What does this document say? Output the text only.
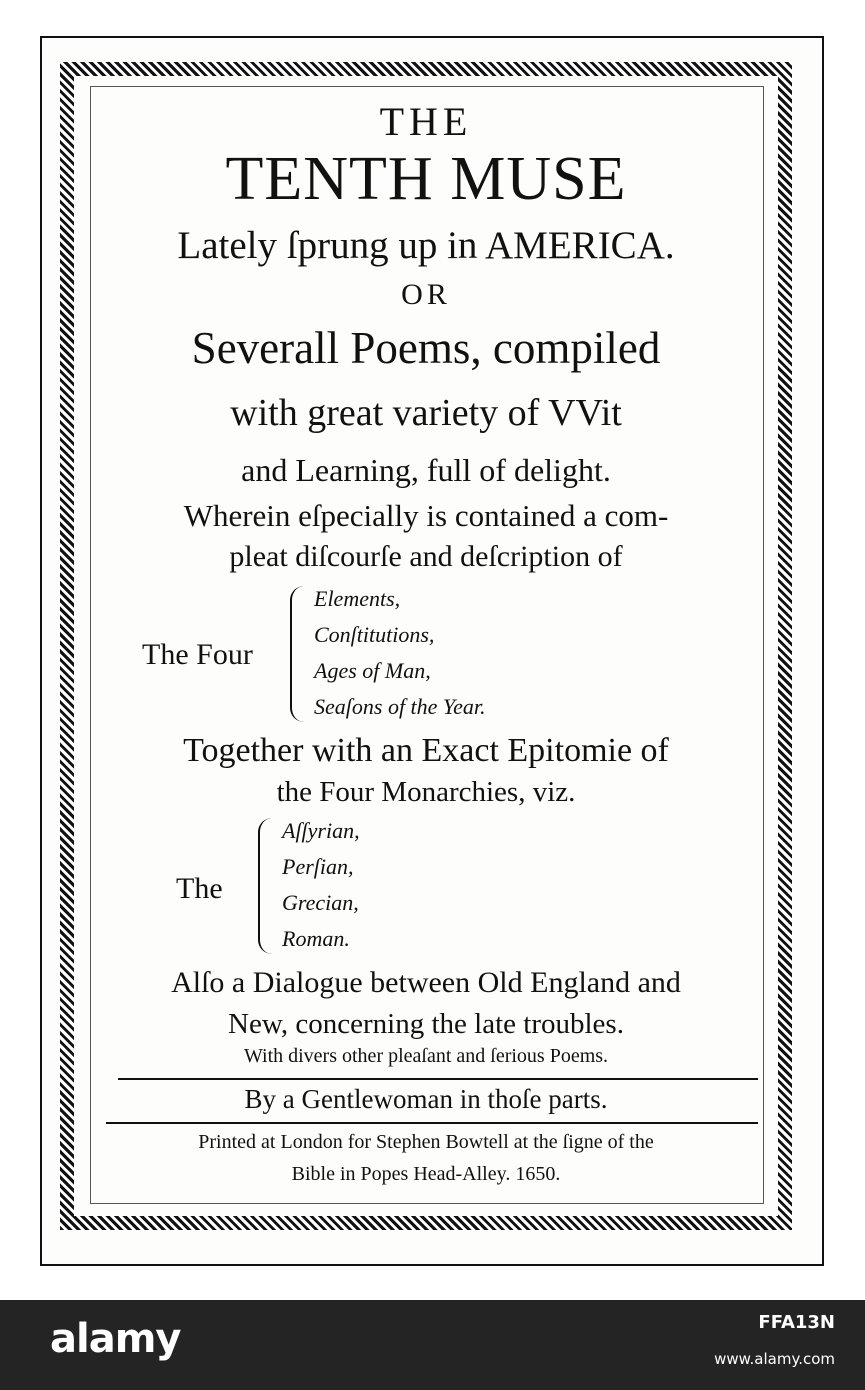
THE
TENTH MUSE
Lately ſprung up in AMERICA.
OR
Severall Poems, compiled
with great variety of VVit
and Learning, full of delight.
Wherein eſpecially is contained a com-
pleat diſcourſe and deſcription of
The Four
Elements,
Conſtitutions,
Ages of Man,
Seaſons of the Year.
Together with an Exact Epitomie of
the Four Monarchies, viz.
The
Aſſyrian,
Perſian,
Grecian,
Roman.
Alſo a Dialogue between Old England and
New, concerning the late troubles.
With divers other pleaſant and ſerious Poems.
By a Gentlewoman in thoſe parts.
Printed at London for Stephen Bowtell at the ſigne of the
Bible in Popes Head-Alley. 1650.
alamy	FFA13N
www.alamy.com
